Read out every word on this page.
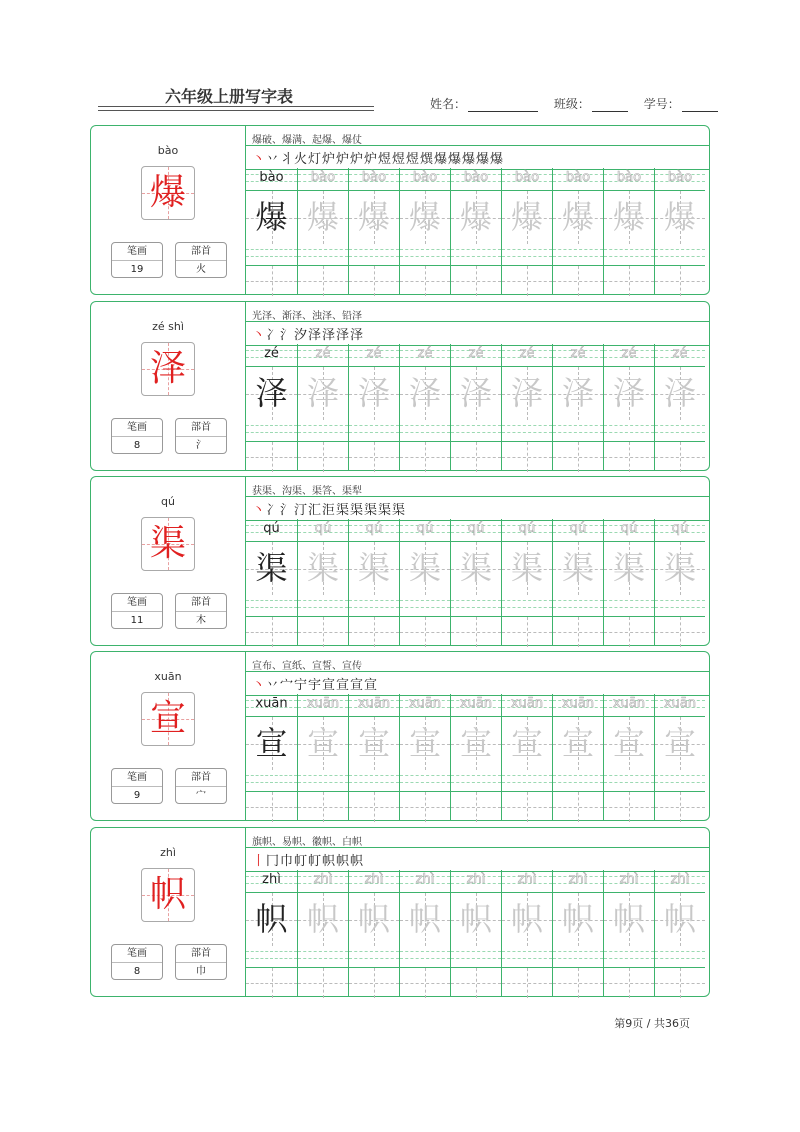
六年级上册写字表	姓名：	班级：	学号：
bào
爆
笔画
19
部首
火
爆破、爆满、起爆、爆仗
丶丷丬火灯炉炉炉炉煜煜煜熼爆爆爆爆爆
bào
爆
bào
爆
bào
爆
bào
爆
bào
爆
bào
爆
bào
爆
bào
爆
bào
爆
zé shì
泽
笔画
8
部首
氵
光泽、渐泽、浊泽、铅泽
丶冫氵汐泽泽泽泽
zé
泽
zé
泽
zé
泽
zé
泽
zé
泽
zé
泽
zé
泽
zé
泽
zé
泽
qú
渠
笔画
11
部首
木
获渠、沟渠、渠答、渠犁
丶冫氵汀汇洰渠渠渠渠渠
qú
渠
qú
渠
qú
渠
qú
渠
qú
渠
qú
渠
qú
渠
qú
渠
qú
渠
xuān
宣
笔画
9
部首
宀
宣布、宣纸、宣誓、宣传
丶丷宀宁宇宣宣宣宣
xuān
宣
xuān
宣
xuān
宣
xuān
宣
xuān
宣
xuān
宣
xuān
宣
xuān
宣
xuān
宣
zhì
帜
笔画
8
部首
巾
旗帜、易帜、徽帜、白帜
丨冂巾帄帄帜帜帜
zhì
帜
zhì
帜
zhì
帜
zhì
帜
zhì
帜
zhì
帜
zhì
帜
zhì
帜
zhì
帜
第9页 / 共36页
